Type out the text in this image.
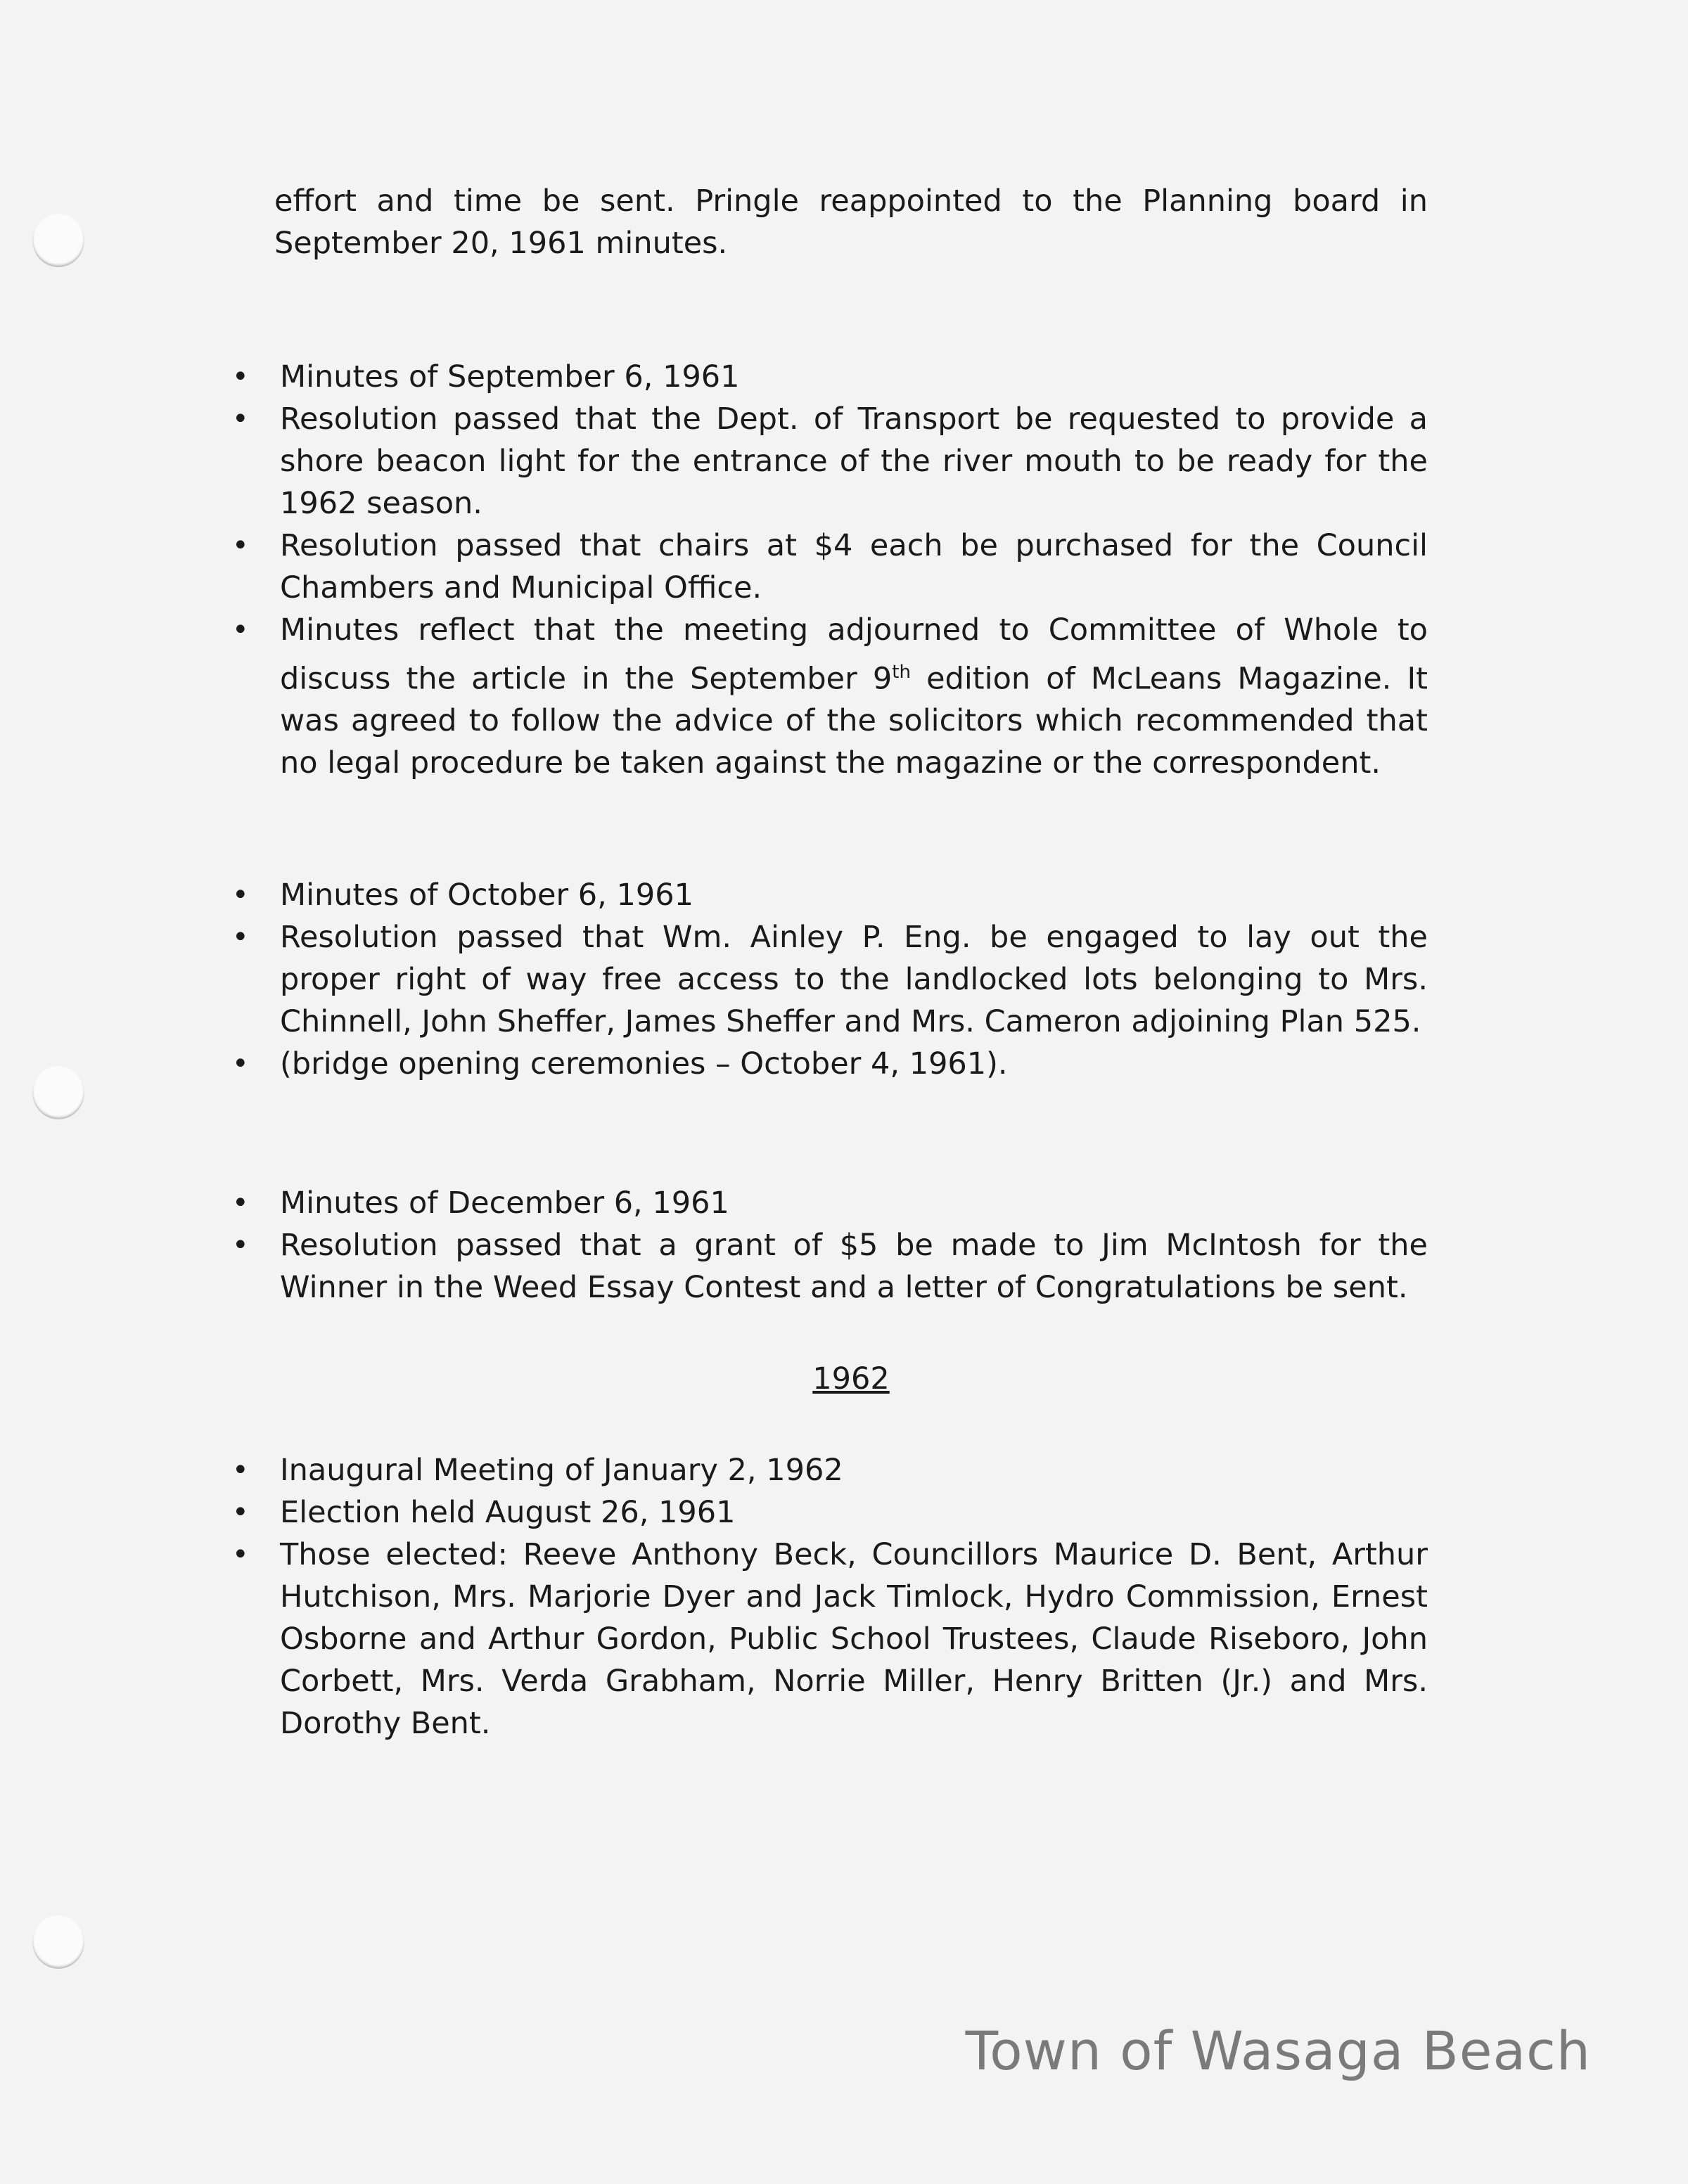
effort and time be sent. Pringle reappointed to the Planning board in September 20, 1961 minutes.

• Minutes of September 6, 1961
• Resolution passed that the Dept. of Transport be requested to provide a shore beacon light for the entrance of the river mouth to be ready for the 1962 season.
• Resolution passed that chairs at $4 each be purchased for the Council Chambers and Municipal Office.
• Minutes reflect that the meeting adjourned to Committee of Whole to discuss the article in the September 9th edition of McLeans Magazine. It was agreed to follow the advice of the solicitors which recommended that no legal procedure be taken against the magazine or the correspondent.
• Minutes of October 6, 1961
• Resolution passed that Wm. Ainley P. Eng. be engaged to lay out the proper right of way free access to the landlocked lots belonging to Mrs. Chinnell, John Sheffer, James Sheffer and Mrs. Cameron adjoining Plan 525.
• (bridge opening ceremonies – October 4, 1961).
• Minutes of December 6, 1961
• Resolution passed that a grant of $5 be made to Jim McIntosh for the Winner in the Weed Essay Contest and a letter of Congratulations be sent.
1962
• Inaugural Meeting of January 2, 1962
• Election held August 26, 1961
• Those elected: Reeve Anthony Beck, Councillors Maurice D. Bent, Arthur Hutchison, Mrs. Marjorie Dyer and Jack Timlock, Hydro Commission, Ernest Osborne and Arthur Gordon, Public School Trustees, Claude Riseboro, John Corbett, Mrs. Verda Grabham, Norrie Miller, Henry Britten (Jr.) and Mrs. Dorothy Bent.
Town of Wasaga Beach
